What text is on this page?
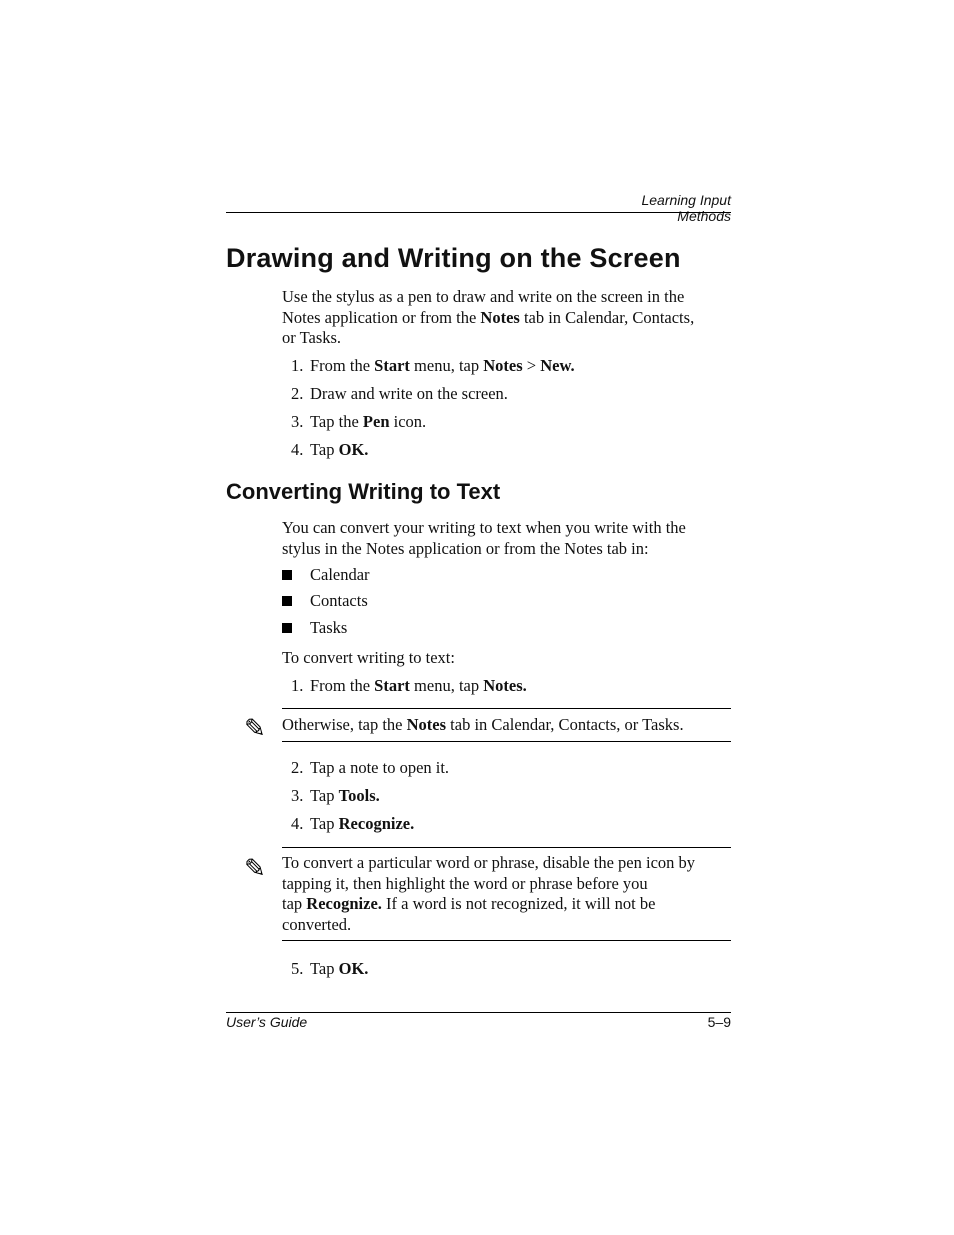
Learning Input Methods
Drawing and Writing on the Screen
Use the stylus as a pen to draw and write on the screen in the
Notes application or from the Notes tab in Calendar, Contacts,
or Tasks.
1. From the Start menu, tap Notes > New.
2. Draw and write on the screen.
3. Tap the Pen icon.
4. Tap OK.
Converting Writing to Text
You can convert your writing to text when you write with the
stylus in the Notes application or from the Notes tab in:
Calendar
Contacts
Tasks
To convert writing to text:
1. From the Start menu, tap Notes.
✎ Otherwise, tap the Notes tab in Calendar, Contacts, or Tasks.
2. Tap a note to open it.
3. Tap Tools.
4. Tap Recognize.
✎ To convert a particular word or phrase, disable the pen icon by
tapping it, then highlight the word or phrase before you
tap Recognize. If a word is not recognized, it will not be
converted.
5. Tap OK.
User’s Guide	5–9
